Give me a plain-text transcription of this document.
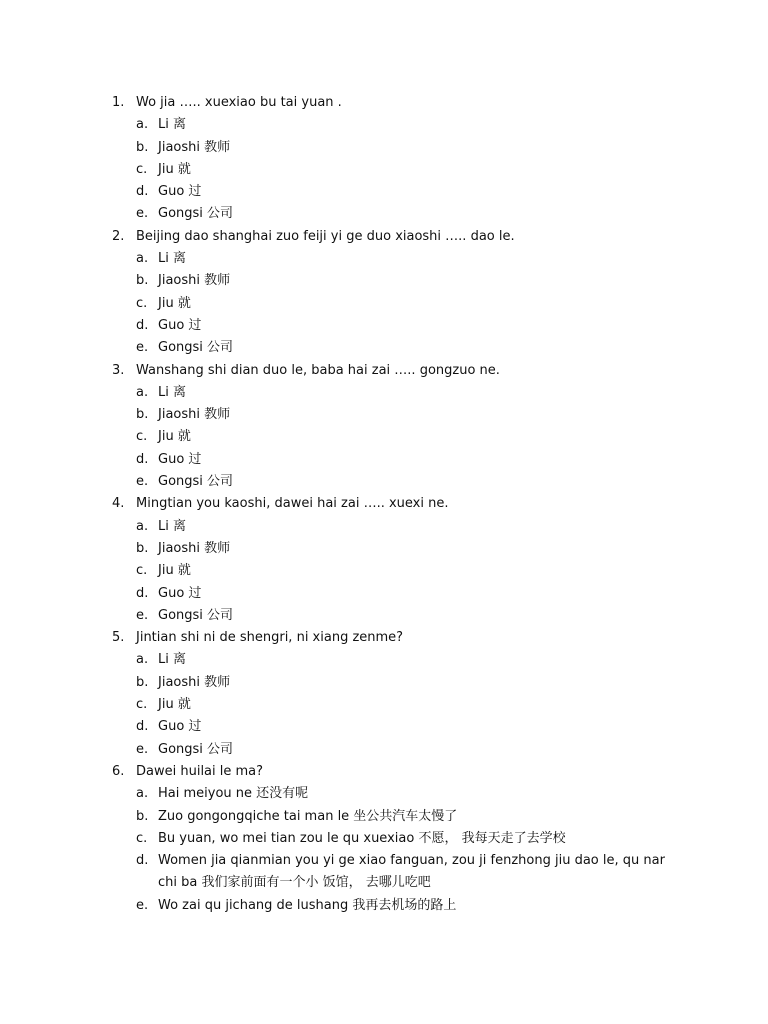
1. Wo jia ….. xuexiao bu tai yuan .
a. Li 离
b. Jiaoshi 教师
c. Jiu 就
d. Guo 过
e. Gongsi 公司
2. Beijing dao shanghai zuo feiji yi ge duo xiaoshi ….. dao le.
a. Li 离
b. Jiaoshi 教师
c. Jiu 就
d. Guo 过
e. Gongsi 公司
3. Wanshang shi dian duo le, baba hai zai ….. gongzuo ne.
a. Li 离
b. Jiaoshi 教师
c. Jiu 就
d. Guo 过
e. Gongsi 公司
4. Mingtian you kaoshi, dawei hai zai ….. xuexi ne.
a. Li 离
b. Jiaoshi 教师
c. Jiu 就
d. Guo 过
e. Gongsi 公司
5. Jintian shi ni de shengri, ni xiang zenme?
a. Li 离
b. Jiaoshi 教师
c. Jiu 就
d. Guo 过
e. Gongsi 公司
6. Dawei huilai le ma?
a. Hai meiyou ne 还没有呢
b. Zuo gongongqiche tai man le 坐公共汽车太慢了
c. Bu yuan, wo mei tian zou le qu xuexiao 不愿， 我每天走了去学校
d. Women jia qianmian you yi ge xiao fanguan, zou ji fenzhong jiu dao le, qu nar chi ba 我们家前面有一个小 饭馆， 去哪儿吃吧
e. Wo zai qu jichang de lushang 我再去机场的路上
